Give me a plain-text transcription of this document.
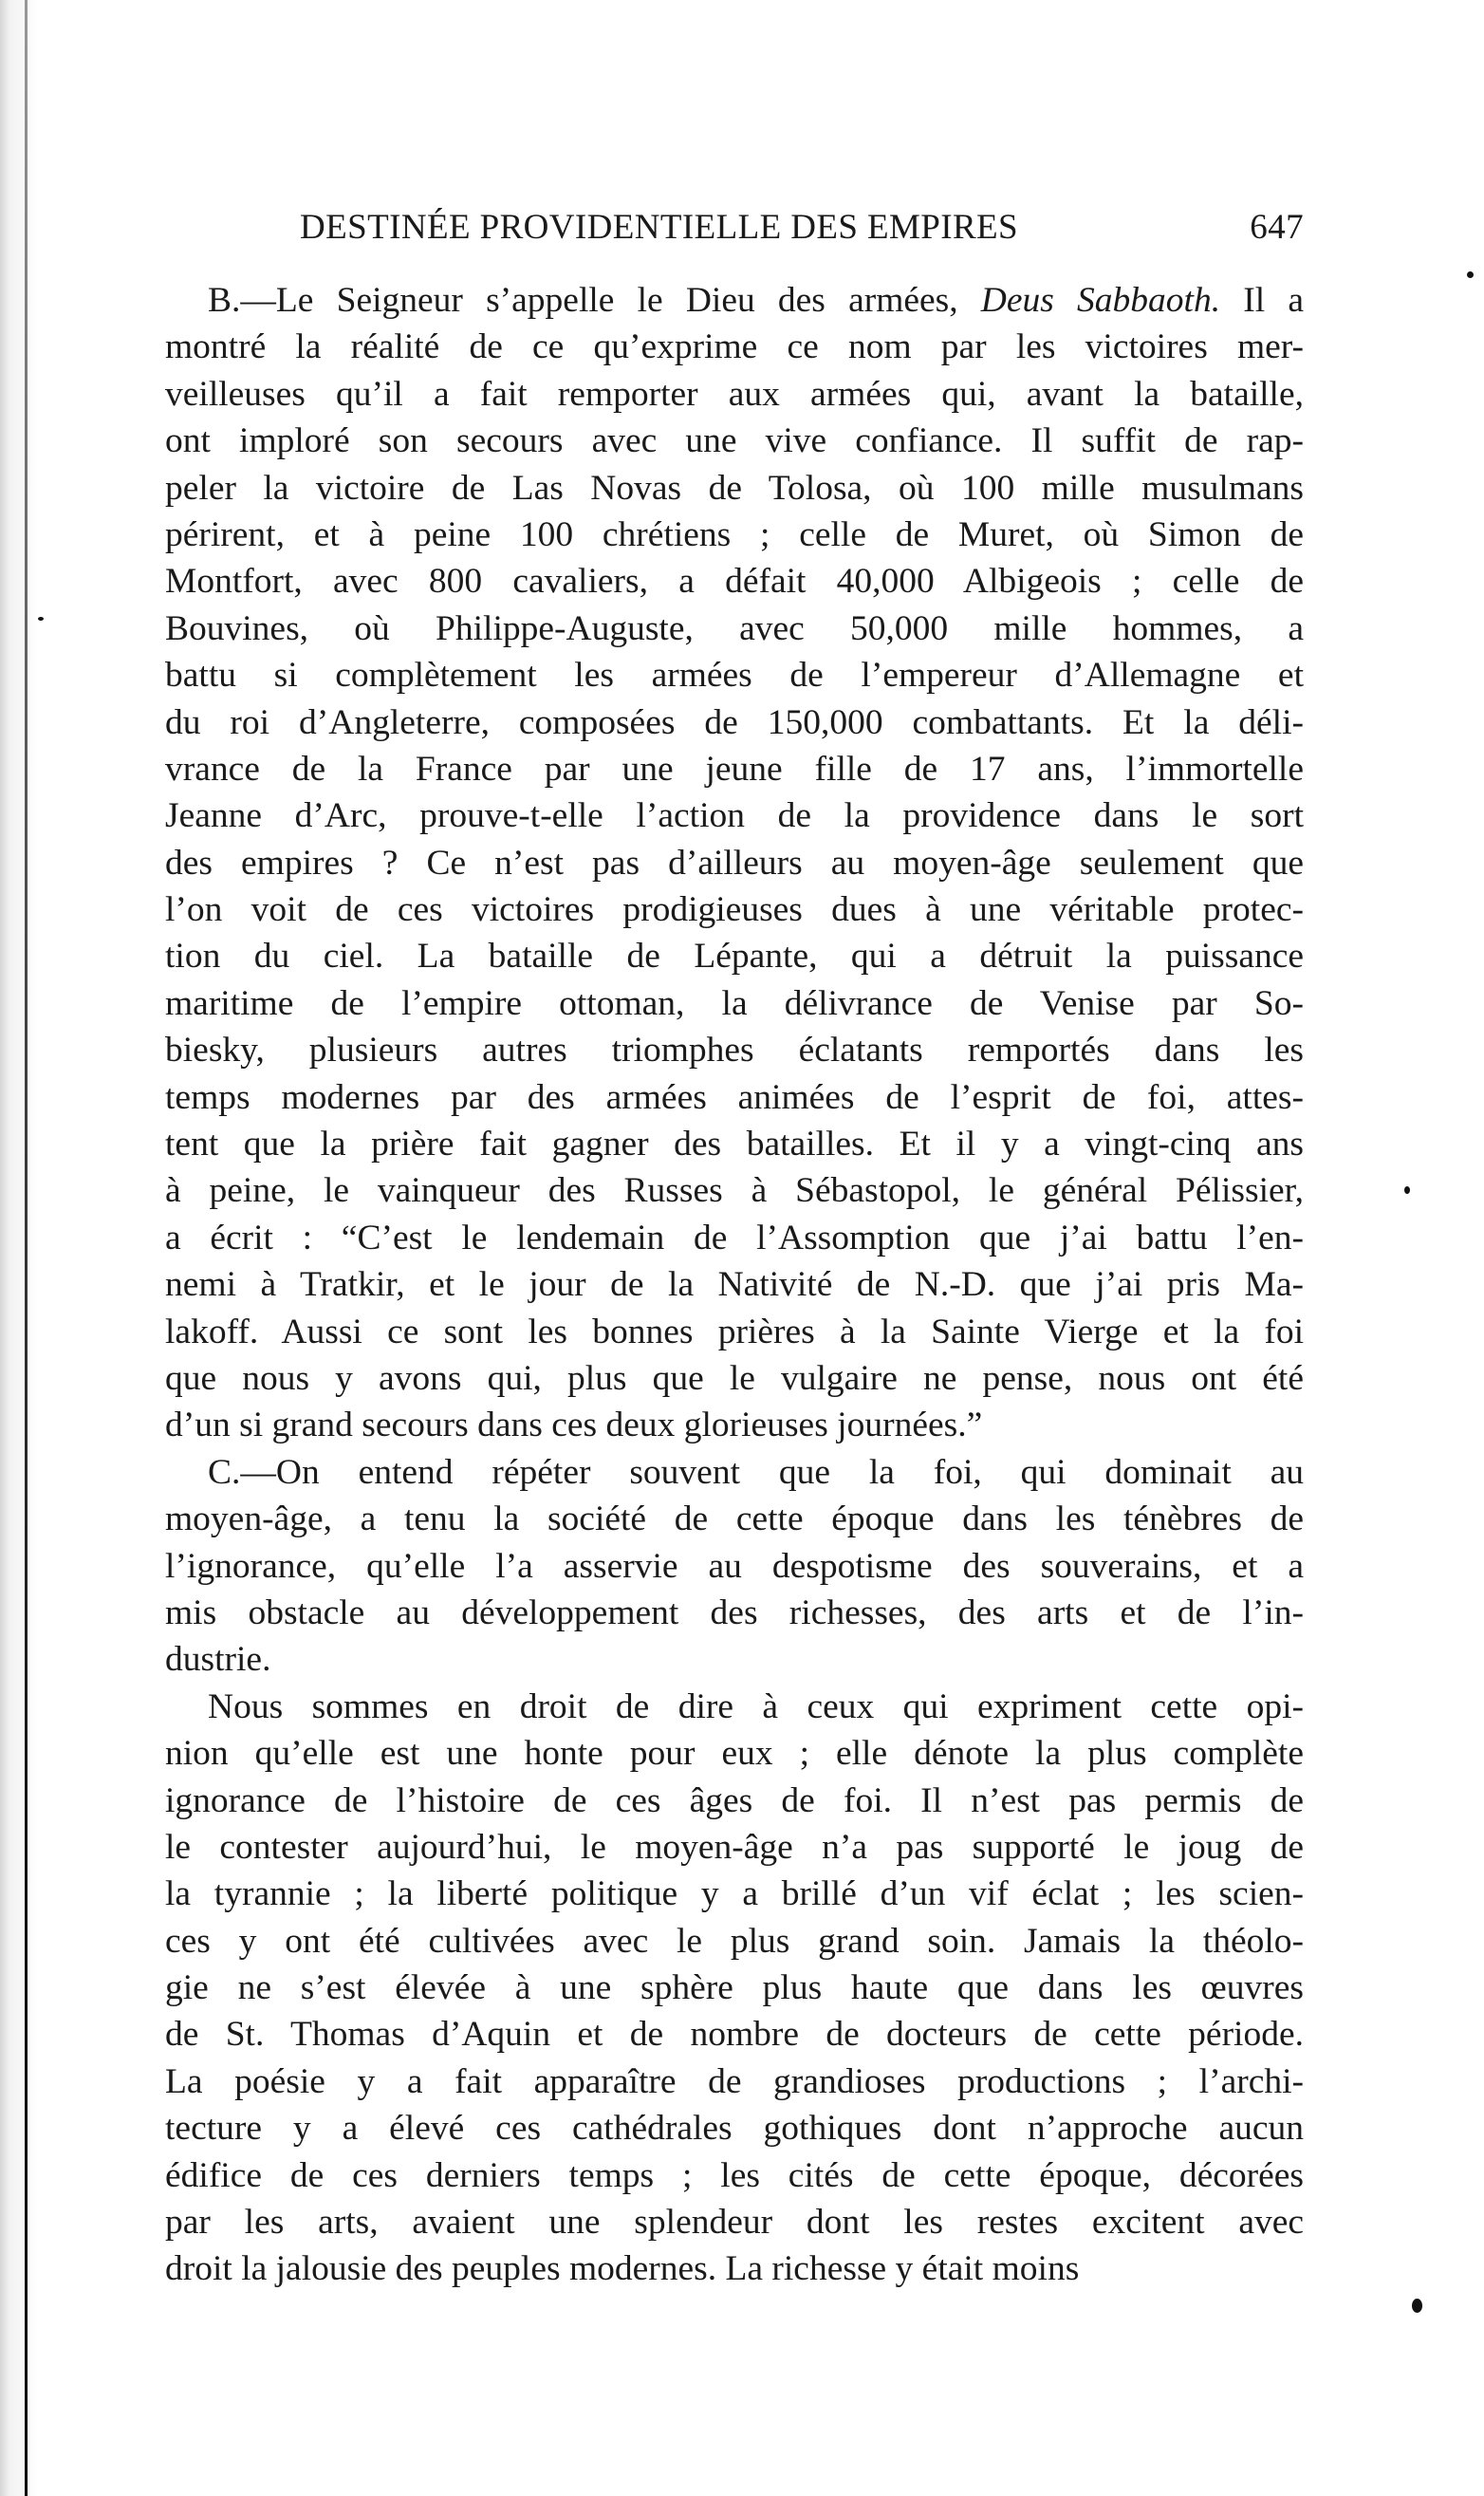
DESTINÉE PROVIDENTIELLE DES EMPIRES	647
B.—Le Seigneur s’appelle le Dieu des armées, Deus Sabbaoth. Il a
montré la réalité de ce qu’exprime ce nom par les victoires mer-
veilleuses qu’il a fait remporter aux armées qui, avant la bataille,
ont imploré son secours avec une vive confiance. Il suffit de rap-
peler la victoire de Las Novas de Tolosa, où 100 mille musulmans
périrent, et à peine 100 chrétiens ; celle de Muret, où Simon de
Montfort, avec 800 cavaliers, a défait 40,000 Albigeois ; celle de
Bouvines, où Philippe-Auguste, avec 50,000 mille hommes, a
battu si complètement les armées de l’empereur d’Allemagne et
du roi d’Angleterre, composées de 150,000 combattants. Et la déli-
vrance de la France par une jeune fille de 17 ans, l’immortelle
Jeanne d’Arc, prouve-t-elle l’action de la providence dans le sort
des empires ? Ce n’est pas d’ailleurs au moyen-âge seulement que
l’on voit de ces victoires prodigieuses dues à une véritable protec-
tion du ciel. La bataille de Lépante, qui a détruit la puissance
maritime de l’empire ottoman, la délivrance de Venise par So-
biesky, plusieurs autres triomphes éclatants remportés dans les
temps modernes par des armées animées de l’esprit de foi, attes-
tent que la prière fait gagner des batailles. Et il y a vingt-cinq ans
à peine, le vainqueur des Russes à Sébastopol, le général Pélissier,
a écrit : “C’est le lendemain de l’Assomption que j’ai battu l’en-
nemi à Tratkir, et le jour de la Nativité de N.-D. que j’ai pris Ma-
lakoff. Aussi ce sont les bonnes prières à la Sainte Vierge et la foi
que nous y avons qui, plus que le vulgaire ne pense, nous ont été
d’un si grand secours dans ces deux glorieuses journées.”
C.—On entend répéter souvent que la foi, qui dominait au
moyen-âge, a tenu la société de cette époque dans les ténèbres de
l’ignorance, qu’elle l’a asservie au despotisme des souverains, et a
mis obstacle au développement des richesses, des arts et de l’in-
dustrie.
Nous sommes en droit de dire à ceux qui expriment cette opi-
nion qu’elle est une honte pour eux ; elle dénote la plus complète
ignorance de l’histoire de ces âges de foi. Il n’est pas permis de
le contester aujourd’hui, le moyen-âge n’a pas supporté le joug de
la tyrannie ; la liberté politique y a brillé d’un vif éclat ; les scien-
ces y ont été cultivées avec le plus grand soin. Jamais la théolo-
gie ne s’est élevée à une sphère plus haute que dans les œuvres
de St. Thomas d’Aquin et de nombre de docteurs de cette période.
La poésie y a fait apparaître de grandioses productions ; l’archi-
tecture y a élevé ces cathédrales gothiques dont n’approche aucun
édifice de ces derniers temps ; les cités de cette époque, décorées
par les arts, avaient une splendeur dont les restes excitent avec
droit la jalousie des peuples modernes. La richesse y était moins
